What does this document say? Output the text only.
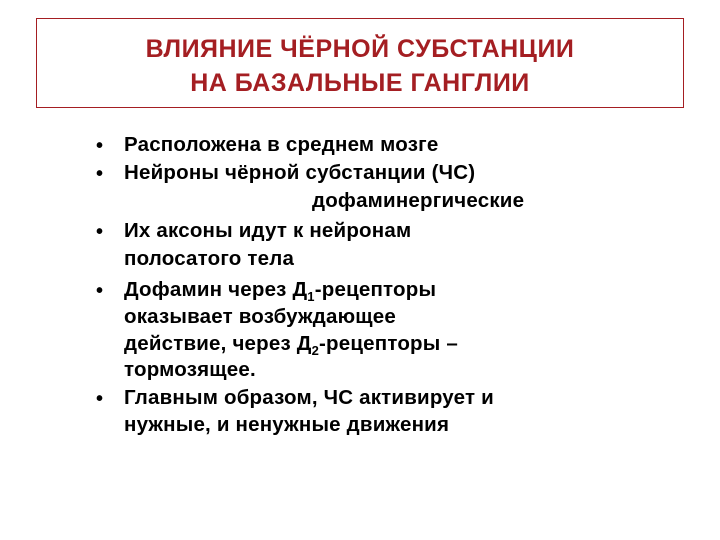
ВЛИЯНИЕ ЧЁРНОЙ СУБСТАНЦИИ
НА БАЗАЛЬНЫЕ ГАНГЛИИ
• Расположена в среднем мозге
• Нейроны чёрной субстанции (ЧС)
дофаминергические
• Их аксоны идут к нейронам
полосатого тела
• Дофамин через $Д_1$-рецепторы
оказывает возбуждающее
действие, через $Д_2$-рецепторы –
тормозящее.
• Главным образом, ЧС активирует и
нужные, и ненужные движения
